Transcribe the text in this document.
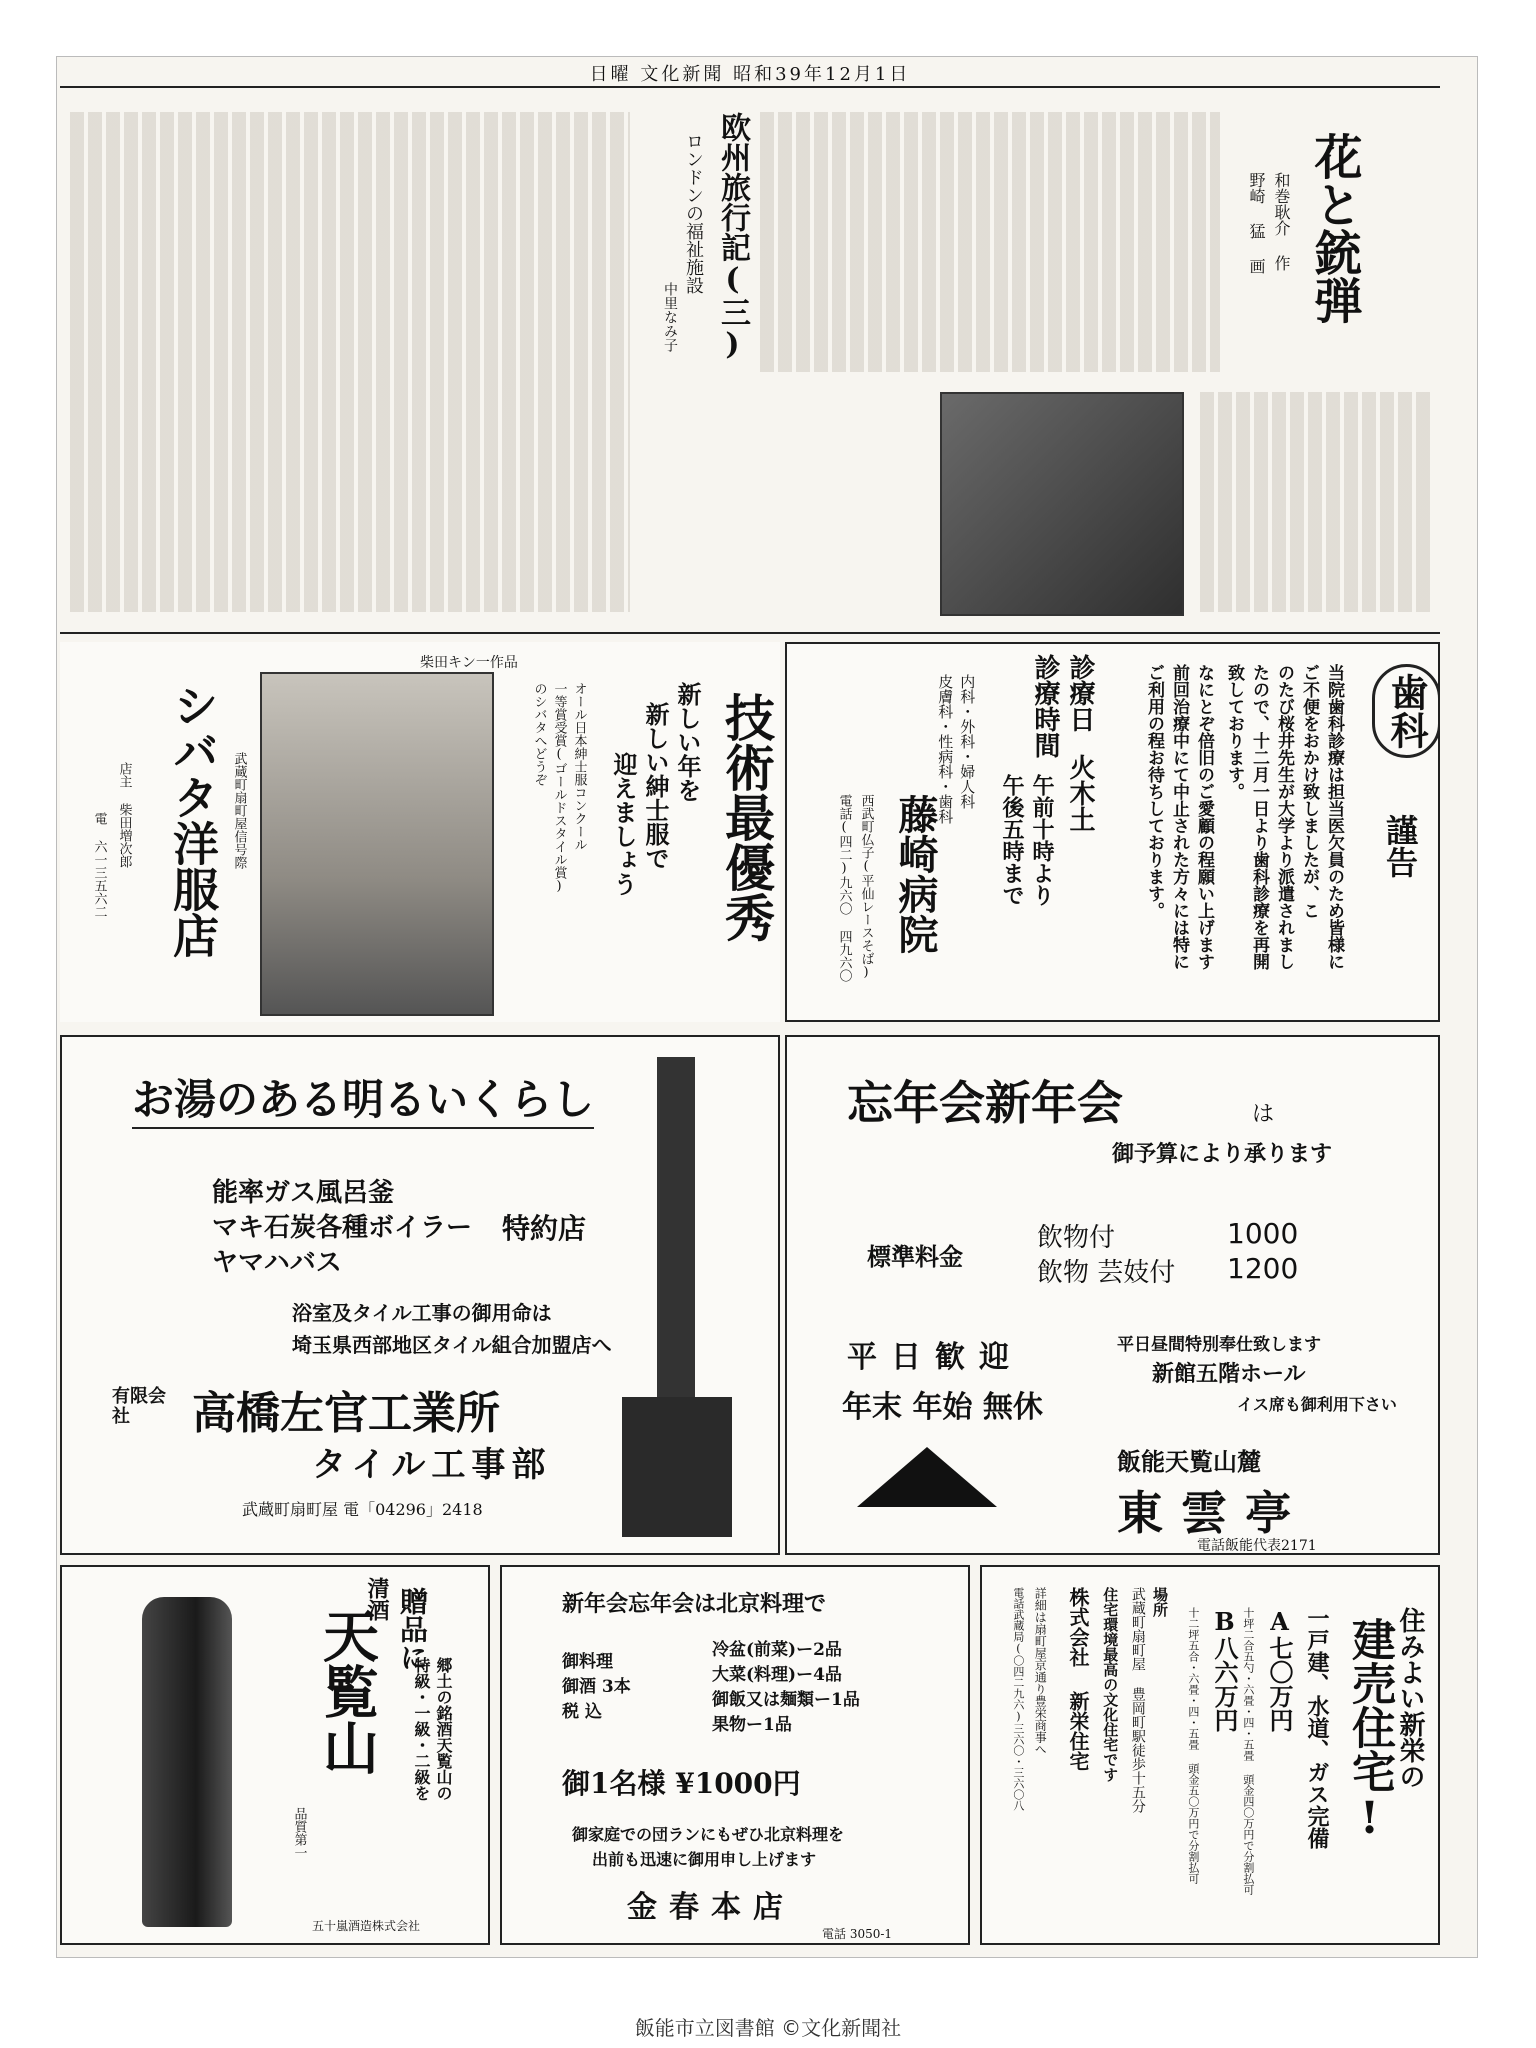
日曜 文化新聞 昭和39年12月1日
欧州旅行記(三)
ロンドンの福祉施設
中里なみ子	花と銃弾
和巻耿介 作
野崎 猛 画
柴田キン一作品
シバタ洋服店 武蔵町扇町屋信号際
店主 柴田増次郎
電 六一三五六二	技術最優秀
新しい年を
新しい紳士服で
迎えましょう
オール日本紳士服コンクール
一等賞受賞(ゴールドスタイル賞)
のシバタへどうぞ
藤崎病院
内科・外科・婦人科
皮膚科・性病科・歯科
西武町仏子(平仙レースそば)
電話(四二)九六〇 四九六〇
診療日
火木土
診療時間
午前十時より
午後五時まで
歯科
謹告
当院歯科診療は担当医欠員のため皆様に
ご不便をおかけ致しましたが、こ
のたび桜井先生が大学より派遣されまし
たので、十二月一日より歯科診療を再開
致しております。
なにとぞ倍旧のご愛顧の程願い上げます
前回治療中にて中止された方々には特に
ご利用の程お待ちしております。
お湯のある明るいくらし
能率ガス風呂釜
マキ石炭各種ボイラー
ヤマハバス
特約店
浴室及タイル工事の御用命は
埼玉県西部地区タイル組合加盟店へ
有限会社	高橋左官工業所
タイル工事部
武蔵町扇町屋 電「04296」2418
忘年会新年会	は
御予算により承ります
標準料金
飲物付	1000
飲物 芸妓付 1200
平日歓迎
年末 年始 無休
平日昼間特別奉仕致します
新館五階ホール
イス席も御利用下さい
飯能天覧山麓
東雲亭
電話飯能代表2171
贈品に
清酒
天覧山
品質第一
郷土の銘酒天覧山の
特級・一級・二級を
五十嵐酒造株式会社
新年会忘年会は北京料理で
御料理
御酒 3本
税 込
冷盆(前菜)ー2品
大菜(料理)ー4品
御飯又は麺類ー1品
果物ー1品
御1名様 ¥1000円
御家庭での団ランにもぜひ北京料理を
出前も迅速に御用申し上げます
金春本店
電話 3050-1
住みよい新栄の
建売住宅!
一戸建、水道、ガス完備
A七〇万円
十坪二合五勺・六畳・四・五畳 頭金四〇万円で分割払可
B八六万円
十二坪五合・六畳・四・五畳 頭金五〇万円で分割払可
場所
武蔵町扇町屋 豊岡町駅徒歩十五分
住宅環境最高の文化住宅です
株式会社 新栄住宅
詳細は扇町屋京通り豊栄商事へ
電話武蔵局(〇四二九六)三六〇・三六〇八
飯能市立図書館 ©文化新聞社
